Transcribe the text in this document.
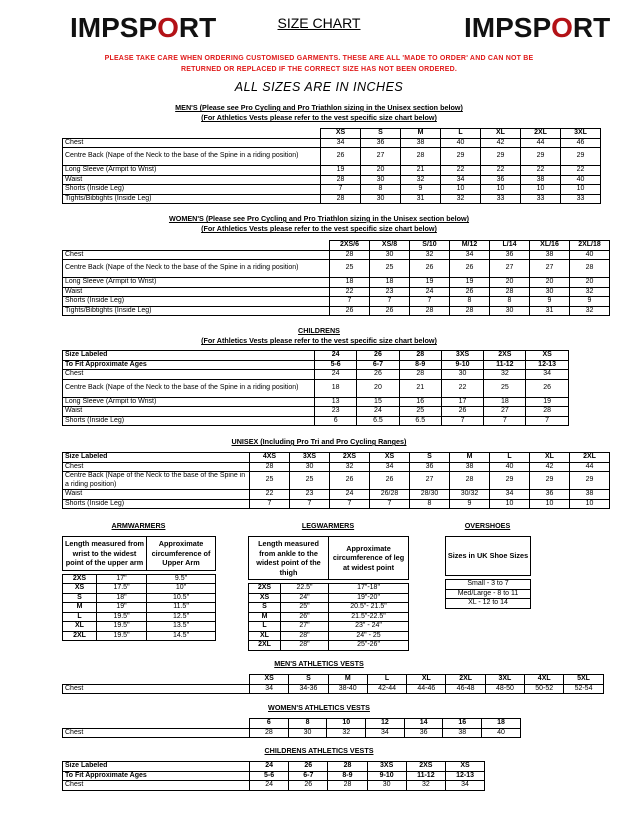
IMPSPORT	IMPSPORT
SIZE CHART
PLEASE TAKE CARE WHEN ORDERING CUSTOMISED GARMENTS. THESE ARE ALL 'MADE TO ORDER' AND CAN NOT BE
RETURNED OR REPLACED IF THE CORRECT SIZE HAS NOT BEEN ORDERED.
ALL SIZES ARE IN INCHES
MEN'S (Please see Pro Cycling and Pro Triathlon sizing in the Unisex section below)
(For Athletics Vests please refer to the vest specific size chart below)
	XS	S	M	L	XL	2XL	3XL
Chest	34	36	38	40	42	44	46
Centre Back (Nape of the Neck to the base of the Spine in a riding position)	26	27	28	29	29	29	29
Long Sleeve (Armpit to Wrist)	19	20	21	22	22	22	22
Waist	28	30	32	34	36	38	40
Shorts (Inside Leg)	7	8	9	10	10	10	10
Tights/Bibtights (Inside Leg)	28	30	31	32	33	33	33
WOMEN'S (Please see Pro Cycling and Pro Triathlon sizing in the Unisex section below)
(For Athletics Vests please refer to the vest specific size chart below)
	2XS/6	XS/8	S/10	M/12	L/14	XL/16	2XL/18
Chest	28	30	32	34	36	38	40
Centre Back (Nape of the Neck to the base of the Spine in a riding position)	25	25	26	26	27	27	28
Long Sleeve (Armpit to Wrist)	18	18	19	19	20	20	20
Waist	22	23	24	26	28	30	32
Shorts (Inside Leg)	7	7	7	8	8	9	9
Tights/Bibtights (Inside Leg)	26	26	28	28	30	31	32
CHILDRENS
(For Athletics Vests please refer to the vest specific size chart below)
Size Labeled	24	26	28	3XS	2XS	XS
To Fit Approximate Ages	5-6	6-7	8-9	9-10	11-12	12-13
Chest	24	26	28	30	32	34
Centre Back (Nape of the Neck to the base of the Spine in a riding position)	18	20	21	22	25	26
Long Sleeve (Armpit to Wrist)	13	15	16	17	18	19
Waist	23	24	25	26	27	28
Shorts (Inside Leg)	6	6.5	6.5	7	7	7
UNISEX (Including Pro Tri and Pro Cycling Ranges)
Size Labeled	4XS	3XS	2XS	XS	S	M	L	XL	2XL
Chest	28	30	32	34	36	38	40	42	44
Centre Back (Nape of the Neck to the base of the Spine in a riding position)	25	25	26	26	27	28	29	29	29
Waist	22	23	24	26/28	28/30	30/32	34	36	38
Shorts (Inside Leg)	7	7	7	7	8	9	10	10	10
ARMWARMERS
Length measured from wrist to the widest point of the upper arm		Approximate circumference of Upper Arm

2XS	17"	9.5"
XS	17.5"	10"
S	18"	10.5"
M	19"	11.5"
L	19.5"	12.5"
XL	19.5"	13.5"
2XL	19.5"	14.5"
LEGWARMERS
Length measured from ankle to the widest point of the thigh		Approximate circumference of leg at widest point

2XS	22.5"	17"-18"
XS	24"	19"-20"
S	25"	20.5"- 21.5"
M	26"	21.5"-22.5"
L	27"	23" - 24"
XL	28"	24" - 25
2XL	28"	25"-26"
OVERSHOES
Sizes in UK Shoe Sizes

Small - 3 to 7
Med/Large - 8 to 11
XL - 12 to 14
MEN'S ATHLETICS VESTS
	XS	S	M	L	XL	2XL	3XL	4XL	5XL
Chest	34	34-36	38-40	42-44	44-46	46-48	48-50	50-52	52-54
WOMEN'S ATHLETICS VESTS
	6	8	10	12	14	16	18
Chest	28	30	32	34	36	38	40
CHILDRENS ATHLETICS VESTS
Size Labeled	24	26	28	3XS	2XS	XS
To Fit Approximate Ages	5-6	6-7	8-9	9-10	11-12	12-13
Chest	24	26	28	30	32	34
